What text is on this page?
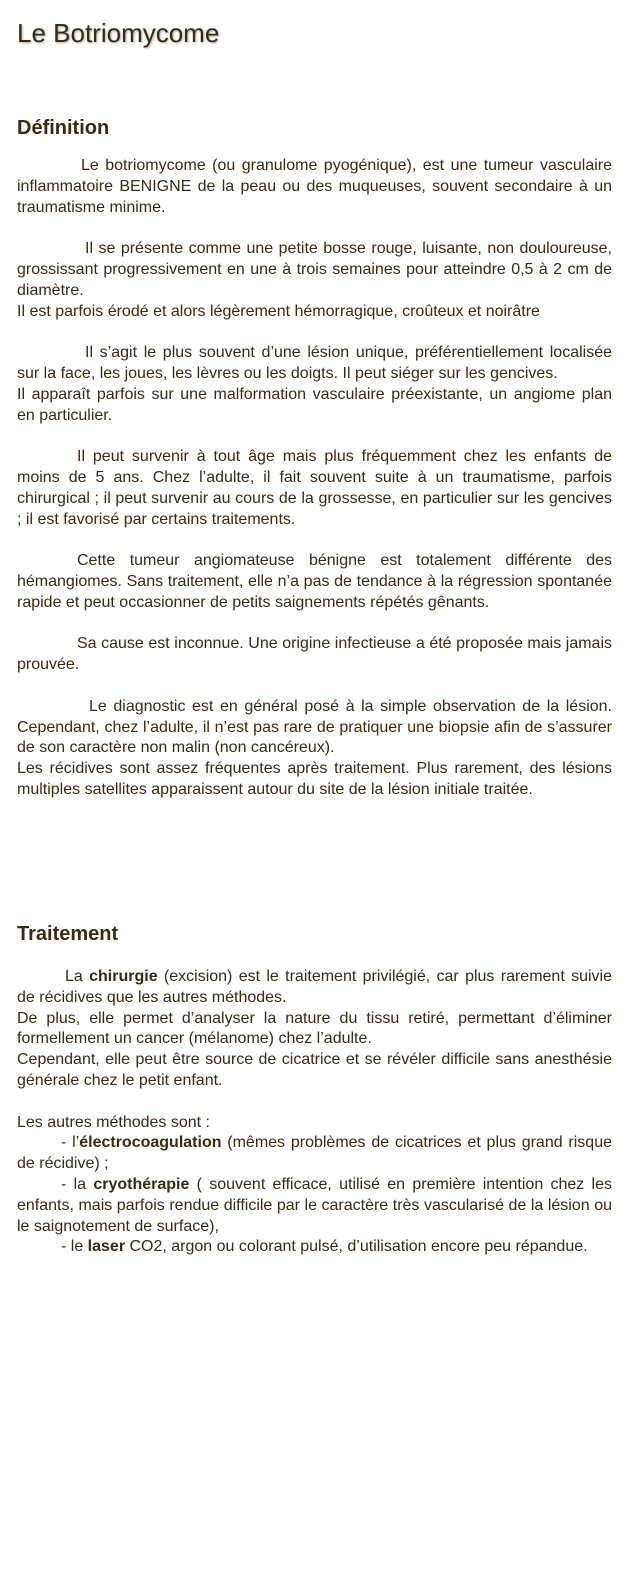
Le Botriomycome
Définition

Le botriomycome (ou granulome pyogénique), est une tumeur vasculaire inflammatoire BENIGNE de la peau ou des muqueuses, souvent secondaire à un traumatisme minime.

Il se présente comme une petite bosse rouge, luisante, non douloureuse, grossissant progressivement en une à trois semaines pour atteindre 0,5 à 2 cm de diamètre.

Il est parfois érodé et alors légèrement hémorragique, croûteux et noirâtre

Il s’agit le plus souvent d’une lésion unique, préférentiellement localisée sur la face, les joues, les lèvres ou les doigts. Il peut siéger sur les gencives.

Il apparaît parfois sur une malformation vasculaire préexistante, un angiome plan en particulier.

Il peut survenir à tout âge mais plus fréquemment chez les enfants de moins de 5 ans. Chez l’adulte, il fait souvent suite à un traumatisme, parfois chirurgical ; il peut survenir au cours de la grossesse, en particulier sur les gencives ; il est favorisé par certains traitements.

Cette tumeur angiomateuse bénigne est totalement différente des hémangiomes. Sans traitement, elle n’a pas de tendance à la régression spontanée rapide et peut occasionner de petits saignements répétés gênants.

Sa cause est inconnue. Une origine infectieuse a été proposée mais jamais prouvée.

Le diagnostic est en général posé à la simple observation de la lésion. Cependant, chez l’adulte, il n’est pas rare de pratiquer une biopsie afin de s’assurer de son caractère non malin (non cancéreux).

Les récidives sont assez fréquentes après traitement. Plus rarement, des lésions multiples satellites apparaissent autour du site de la lésion initiale traitée.

Traitement

La chirurgie (excision) est le traitement privilégié, car plus rarement suivie de récidives que les autres méthodes.

De plus, elle permet d’analyser la nature du tissu retiré, permettant d’éliminer formellement un cancer (mélanome) chez l’adulte.

Cependant, elle peut être source de cicatrice et se révéler difficile sans anesthésie générale chez le petit enfant.

Les autres méthodes sont :

- l’électrocoagulation (mêmes problèmes de cicatrices et plus grand risque de récidive) ;

- la cryothérapie ( souvent efficace, utilisé en première intention chez les enfants, mais parfois rendue difficile par le caractère très vascularisé de la lésion ou le saignotement de surface),

- le laser CO2, argon ou colorant pulsé, d’utilisation encore peu répandue.
